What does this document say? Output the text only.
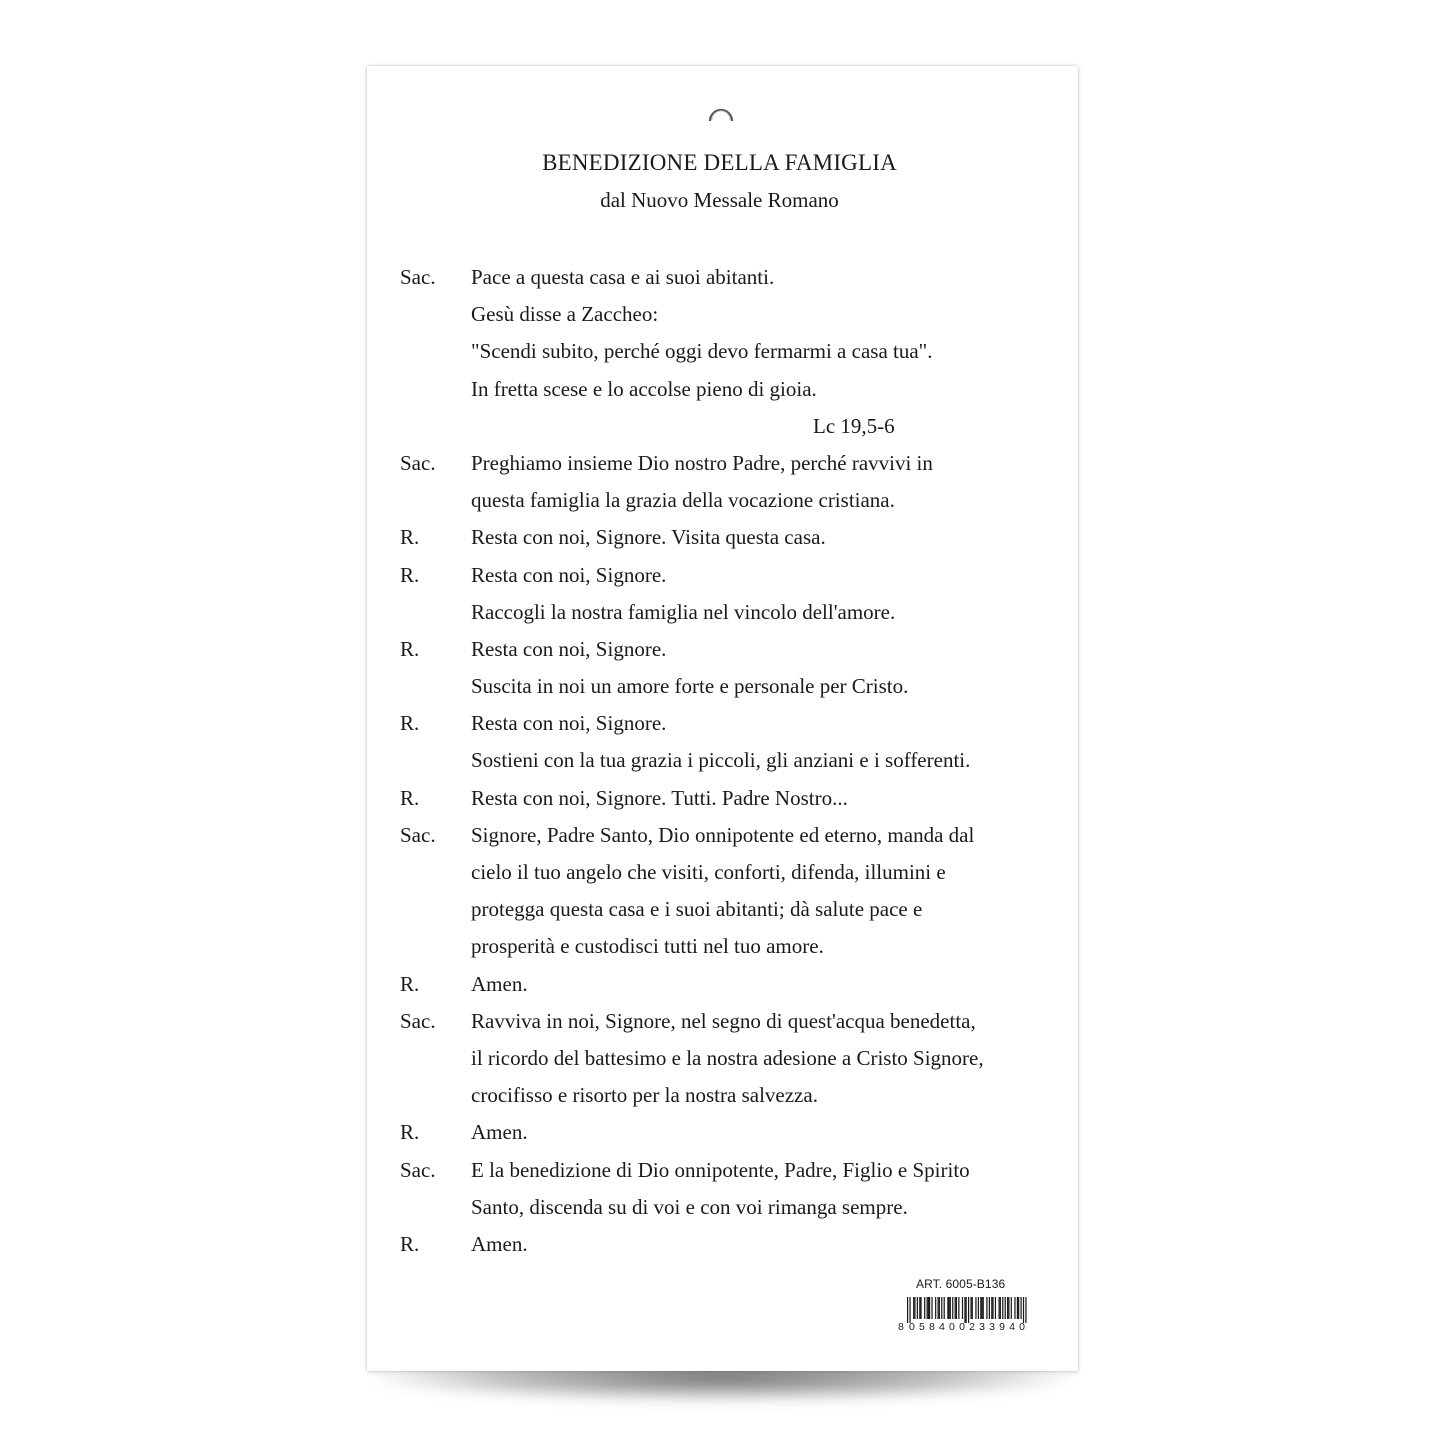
BENEDIZIONE DELLA FAMIGLIA

dal Nuovo Messale Romano

Sac. Pace a questa casa e ai suoi abitanti.
Gesù disse a Zaccheo:
"Scendi subito, perché oggi devo fermarmi a casa tua".
In fretta scese e lo accolse pieno di gioia.
Lc 19,5-6
Sac. Preghiamo insieme Dio nostro Padre, perché ravvivi in
questa famiglia la grazia della vocazione cristiana.
R. Resta con noi, Signore. Visita questa casa.
R. Resta con noi, Signore.
Raccogli la nostra famiglia nel vincolo dell'amore.
R. Resta con noi, Signore.
Suscita in noi un amore forte e personale per Cristo.
R. Resta con noi, Signore.
Sostieni con la tua grazia i piccoli, gli anziani e i sofferenti.
R. Resta con noi, Signore. Tutti. Padre Nostro...
Sac. Signore, Padre Santo, Dio onnipotente ed eterno, manda dal
cielo il tuo angelo che visiti, conforti, difenda, illumini e
protegga questa casa e i suoi abitanti; dà salute pace e
prosperità e custodisci tutti nel tuo amore.
R. Amen.
Sac. Ravviva in noi, Signore, nel segno di quest'acqua benedetta,
il ricordo del battesimo e la nostra adesione a Cristo Signore,
crocifisso e risorto per la nostra salvezza.
R. Amen.
Sac. E la benedizione di Dio onnipotente, Padre, Figlio e Spirito
Santo, discenda su di voi e con voi rimanga sempre.
R. Amen.
ART. 6005-B136
8 058400233940
